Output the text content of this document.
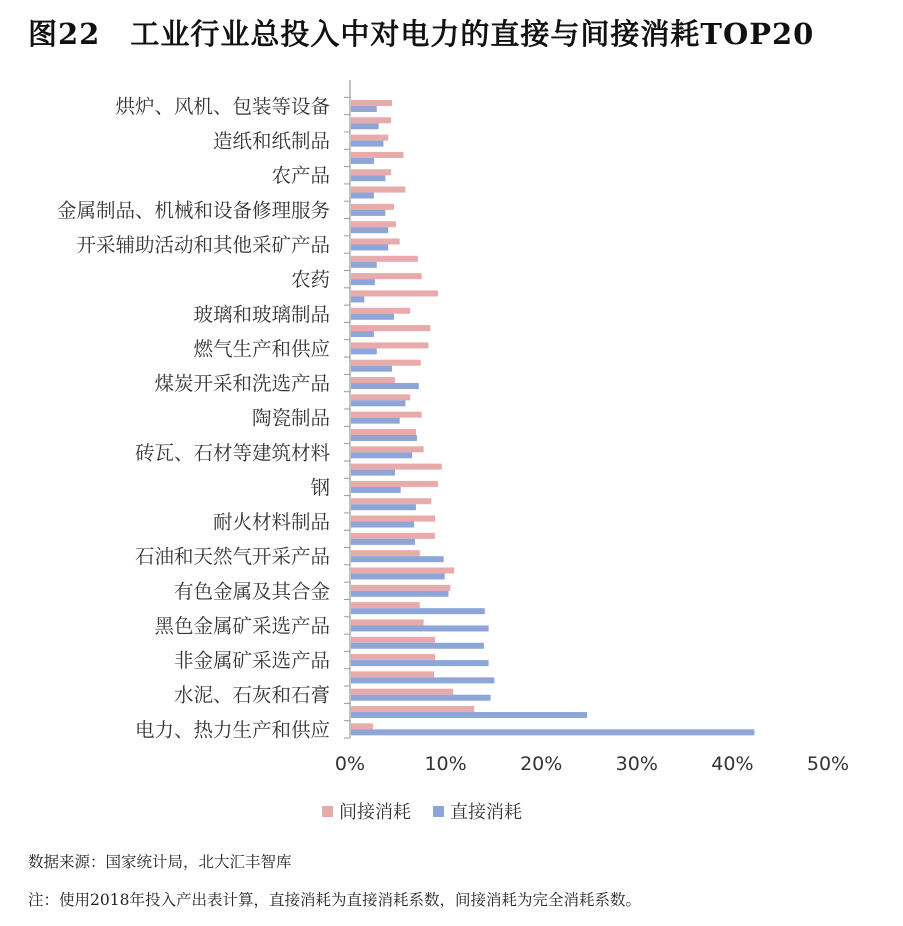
图22　工业行业总投入中对电力的直接与间接消耗TOP20
电力、热力生产和供应
水泥、石灰和石膏
非金属矿采选产品
黑色金属矿采选产品
有色金属及其合金
石油和天然气开采产品
耐火材料制品
钢
砖瓦、石材等建筑材料
陶瓷制品
煤炭开采和洗选产品
燃气生产和供应
玻璃和玻璃制品
农药
开采辅助活动和其他采矿产品
金属制品、机械和设备修理服务
农产品
造纸和纸制品
烘炉、风机、包装等设备
0%	10%	20%	30%	40%	50%
间接消耗 直接消耗
数据来源：国家统计局，北大汇丰智库
注：使用2018年投入产出表计算，直接消耗为直接消耗系数，间接消耗为完全消耗系数。
